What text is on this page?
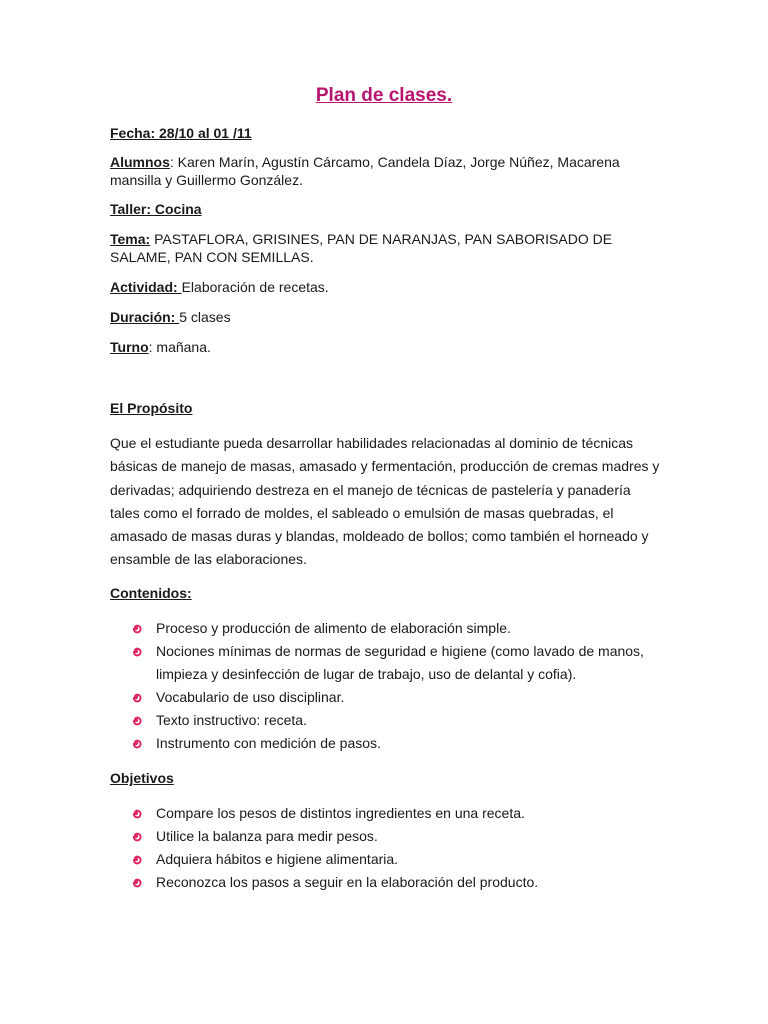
Plan de clases.
Fecha: 28/10 al 01 /11
Alumnos: Karen Marín, Agustín Cárcamo, Candela Díaz, Jorge Núñez, Macarena mansilla y Guillermo González.
Taller: Cocina
Tema: PASTAFLORA, GRISINES, PAN DE NARANJAS, PAN SABORISADO DE SALAME, PAN CON SEMILLAS.
Actividad: Elaboración de recetas.
Duración: 5 clases
Turno: mañana.
El Propósito

Que el estudiante pueda desarrollar habilidades relacionadas al dominio de técnicas básicas de manejo de masas, amasado y fermentación, producción de cremas madres y derivadas; adquiriendo destreza en el manejo de técnicas de pastelería y panadería tales como el forrado de moldes, el sableado o emulsión de masas quebradas, el amasado de masas duras y blandas, moldeado de bollos; como también el horneado y ensamble de las elaboraciones.

Contenidos:
Proceso y producción de alimento de elaboración simple.
Nociones mínimas de normas de seguridad e higiene (como lavado de manos, limpieza y desinfección de lugar de trabajo, uso de delantal y cofia).
Vocabulario de uso disciplinar.
Texto instructivo: receta.
Instrumento con medición de pasos.
Objetivos
Compare los pesos de distintos ingredientes en una receta.
Utilice la balanza para medir pesos.
Adquiera hábitos e higiene alimentaria.
Reconozca los pasos a seguir en la elaboración del producto.
